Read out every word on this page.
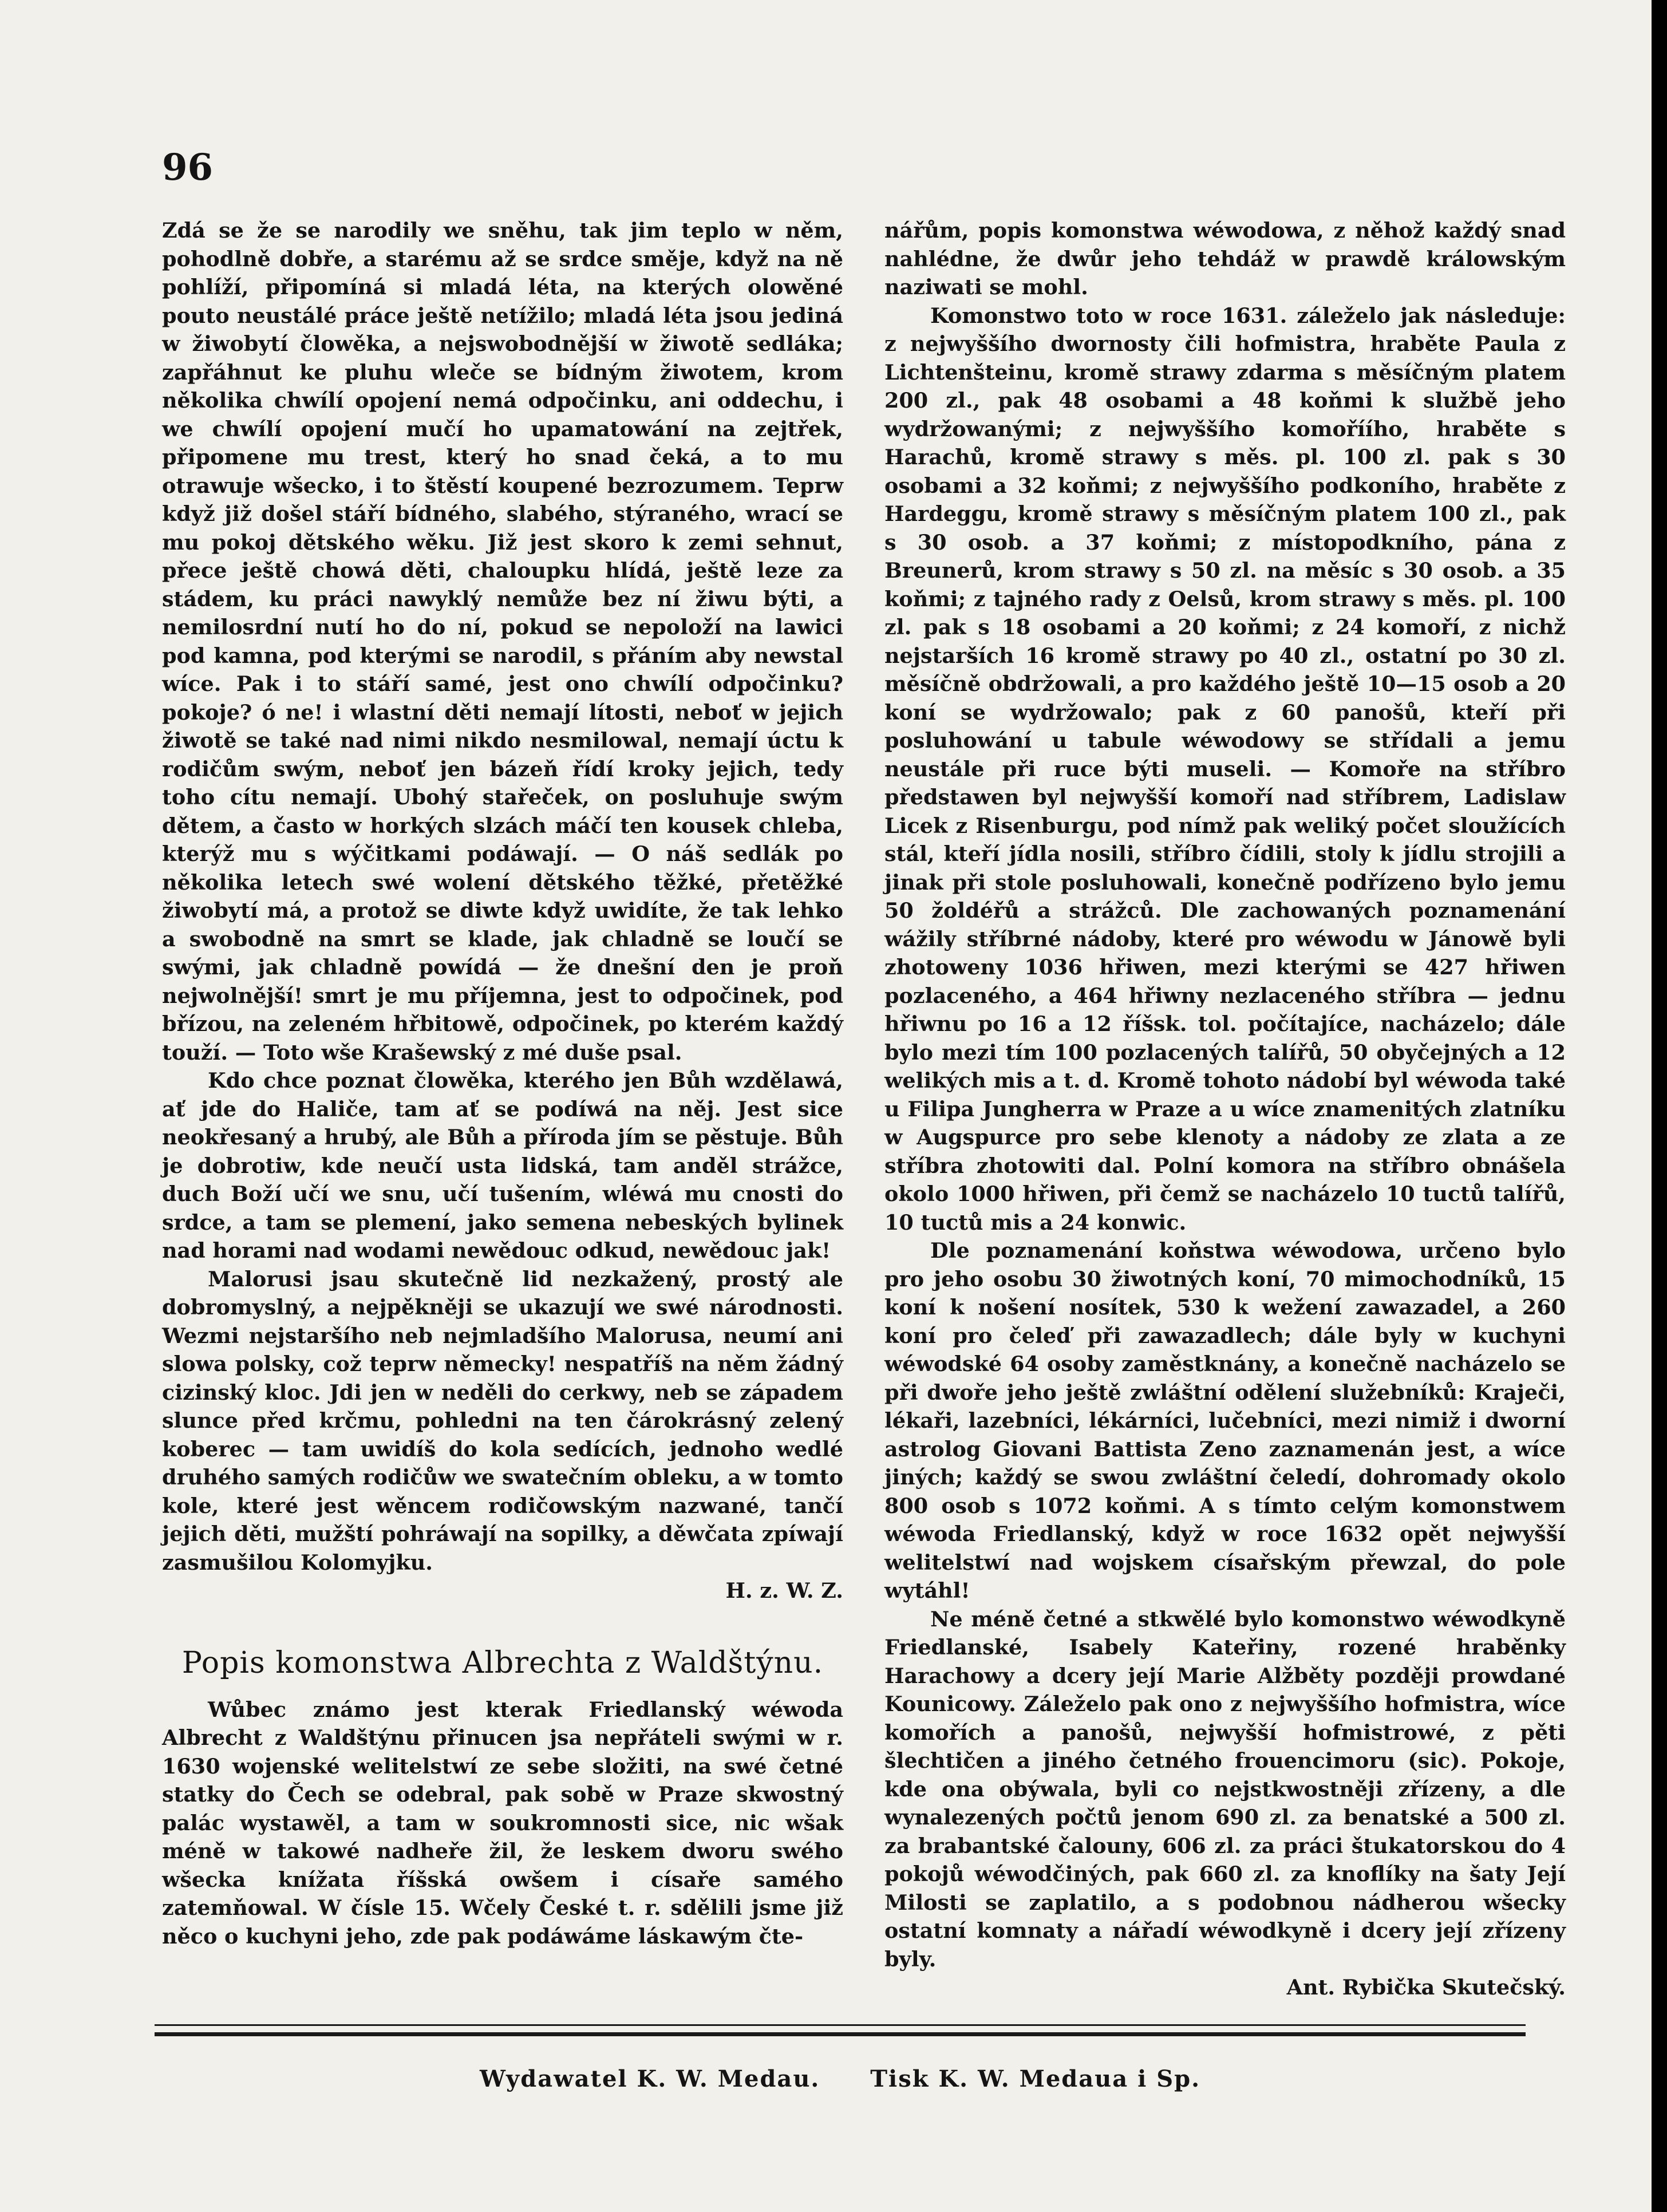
96

Zdá se že se narodily we sněhu, tak jim teplo w něm, pohodlně dobře, a starému až se srdce směje, když na ně pohlíží, připomíná si mladá léta, na kterých olowěné pouto neustálé práce ještě netížilo; mladá léta jsou jediná w žiwobytí člowěka, a nejswobodnější w žiwotě sedláka; zapřáhnut ke pluhu wleče se bídným žiwotem, krom několika chwílí opojení nemá odpočinku, ani oddechu, i we chwílí opojení mučí ho upamatowání na zejtřek, připomene mu trest, který ho snad čeká, a to mu otrawuje wšecko, i to štěstí koupené bezrozumem. Teprw když již došel stáří bídného, slabého, stýraného, wrací se mu pokoj dětského wěku. Již jest skoro k zemi sehnut, přece ještě chowá děti, chaloupku hlídá, ještě leze za stádem, ku práci nawyklý nemůže bez ní žiwu býti, a nemilosrdní nutí ho do ní, pokud se nepoloží na lawici pod kamna, pod kterými se narodil, s přáním aby newstal wíce. Pak i to stáří samé, jest ono chwílí odpočinku? pokoje? ó ne! i wlastní děti nemají lítosti, neboť w jejich žiwotě se také nad nimi nikdo nesmilowal, nemají úctu k rodičům swým, neboť jen bázeň řídí kroky jejich, tedy toho cítu nemají. Ubohý stařeček, on posluhuje swým dětem, a často w horkých slzách máčí ten kousek chleba, kterýž mu s wýčitkami podáwají. — O náš sedlák po několika letech swé wolení dětského těžké, přetěžké žiwobytí má, a protož se diwte když uwidíte, že tak lehko a swobodně na smrt se klade, jak chladně se loučí se swými, jak chladně powídá — že dnešní den je proň nejwolnější! smrt je mu příjemna, jest to odpočinek, pod břízou, na zeleném hřbitowě, odpočinek, po kterém každý touží. — Toto wše Krašewský z mé duše psal.

Kdo chce poznat člowěka, kterého jen Bůh wzdělawá, ať jde do Haliče, tam ať se podíwá na něj. Jest sice neokřesaný a hrubý, ale Bůh a příroda jím se pěstuje. Bůh je dobrotiw, kde neučí usta lidská, tam anděl strážce, duch Boží učí we snu, učí tušením, wléwá mu cnosti do srdce, a tam se plemení, jako semena nebeských bylinek nad horami nad wodami newědouc odkud, newědouc jak!

Malorusi jsau skutečně lid nezkažený, prostý ale dobromyslný, a nejpěkněji se ukazují we swé národnosti. Wezmi nejstaršího neb nejmladšího Malorusa, neumí ani slowa polsky, což teprw německy! nespatříš na něm žádný cizinský kloc. Jdi jen w neděli do cerkwy, neb se západem slunce před krčmu, pohledni na ten čárokrásný zelený koberec — tam uwidíš do kola sedících, jednoho wedlé druhého samých rodičůw we swatečním obleku, a w tomto kole, které jest wěncem rodičowským nazwané, tančí jejich děti, mužští pohráwají na sopilky, a děwčata zpíwají zasmušilou Kolomyjku.

H. z. W. Z.

Popis komonstwa Albrechta z Waldštýnu.

Wůbec známo jest kterak Friedlanský wéwoda Albrecht z Waldštýnu přinucen jsa nepřáteli swými w r. 1630 wojenské welitelstwí ze sebe složiti, na swé četné statky do Čech se odebral, pak sobě w Praze skwostný palác wystawěl, a tam w soukromnosti sice, nic wšak méně w takowé nadheře žil, že leskem dworu swého wšecka knížata říšská owšem i císaře samého zatemňowal. W čísle 15. Wčely České t. r. sdělili jsme již něco o kuchyni jeho, zde pak podáwáme láskawým čte-

nářům, popis komonstwa wéwodowa, z něhož každý snad nahlédne, že dwůr jeho tehdáž w prawdě králowským naziwati se mohl.

Komonstwo toto w roce 1631. záleželo jak následuje: z nejwyššího dwornosty čili hofmistra, hraběte Paula z Lichtenšteinu, kromě strawy zdarma s měsíčným platem 200 zl., pak 48 osobami a 48 koňmi k službě jeho wydržowanými; z nejwyššího komoříího, hraběte s Harachů, kromě strawy s měs. pl. 100 zl. pak s 30 osobami a 32 koňmi; z nejwyššího podkoního, hraběte z Hardeggu, kromě strawy s měsíčným platem 100 zl., pak s 30 osob. a 37 koňmi; z místopodkního, pána z Breunerů, krom strawy s 50 zl. na měsíc s 30 osob. a 35 koňmi; z tajného rady z Oelsů, krom strawy s měs. pl. 100 zl. pak s 18 osobami a 20 koňmi; z 24 komoří, z nichž nejstarších 16 kromě strawy po 40 zl., ostatní po 30 zl. měsíčně obdržowali, a pro každého ještě 10—15 osob a 20 koní se wydržowalo; pak z 60 panošů, kteří při posluhowání u tabule wéwodowy se střídali a jemu neustále při ruce býti museli. — Komoře na stříbro předstawen byl nejwyšší komoří nad stříbrem, Ladislaw Licek z Risenburgu, pod nímž pak weliký počet sloužících stál, kteří jídla nosili, stříbro čídili, stoly k jídlu strojili a jinak při stole posluhowali, konečně podřízeno bylo jemu 50 žoldéřů a strážců. Dle zachowaných poznamenání wážily stříbrné nádoby, které pro wéwodu w Jánowě byli zhotoweny 1036 hřiwen, mezi kterými se 427 hřiwen pozlaceného, a 464 hřiwny nezlaceného stříbra — jednu hřiwnu po 16 a 12 říšsk. tol. počítajíce, nacházelo; dále bylo mezi tím 100 pozlacených talířů, 50 obyčejných a 12 welikých mis a t. d. Kromě tohoto nádobí byl wéwoda také u Filipa Jungherra w Praze a u wíce znamenitých zlatníku w Augspurce pro sebe klenoty a nádoby ze zlata a ze stříbra zhotowiti dal. Polní komora na stříbro obnášela okolo 1000 hřiwen, při čemž se nacházelo 10 tuctů talířů, 10 tuctů mis a 24 konwic.

Dle poznamenání koňstwa wéwodowa, určeno bylo pro jeho osobu 30 žiwotných koní, 70 mimochodníků, 15 koní k nošení nosítek, 530 k wežení zawazadel, a 260 koní pro čeleď při zawazadlech; dále byly w kuchyni wéwodské 64 osoby zaměstknány, a konečně nacházelo se při dwoře jeho ještě zwláštní odělení služebníků: Kraječi, lékaři, lazebníci, lékárníci, lučebníci, mezi nimiž i dworní astrolog Giovani Battista Zeno zaznamenán jest, a wíce jiných; každý se swou zwláštní čeledí, dohromady okolo 800 osob s 1072 koňmi. A s tímto celým komonstwem wéwoda Friedlanský, když w roce 1632 opět nejwyšší welitelstwí nad wojskem císařským přewzal, do pole wytáhl!

Ne méně četné a stkwělé bylo komonstwo wéwodkyně Friedlanské, Isabely Kateřiny, rozené hraběnky Harachowy a dcery její Marie Alžběty později prowdané Kounicowy. Záleželo pak ono z nejwyššího hofmistra, wíce komořích a panošů, nejwyšší hofmistrowé, z pěti šlechtičen a jiného četného frouencimoru (sic). Pokoje, kde ona obýwala, byli co nejstkwostněji zřízeny, a dle wynalezených počtů jenom 690 zl. za benatské a 500 zl. za brabantské čalouny, 606 zl. za práci štukatorskou do 4 pokojů wéwodčiných, pak 660 zl. za knoflíky na šaty Její Milosti se zaplatilo, a s podobnou nádherou wšecky ostatní komnaty a nářadí wéwodkyně i dcery její zřízeny byly.

Ant. Rybička Skutečský.

Wydawatel K. W. Medau. Tisk K. W. Medaua i Sp.
